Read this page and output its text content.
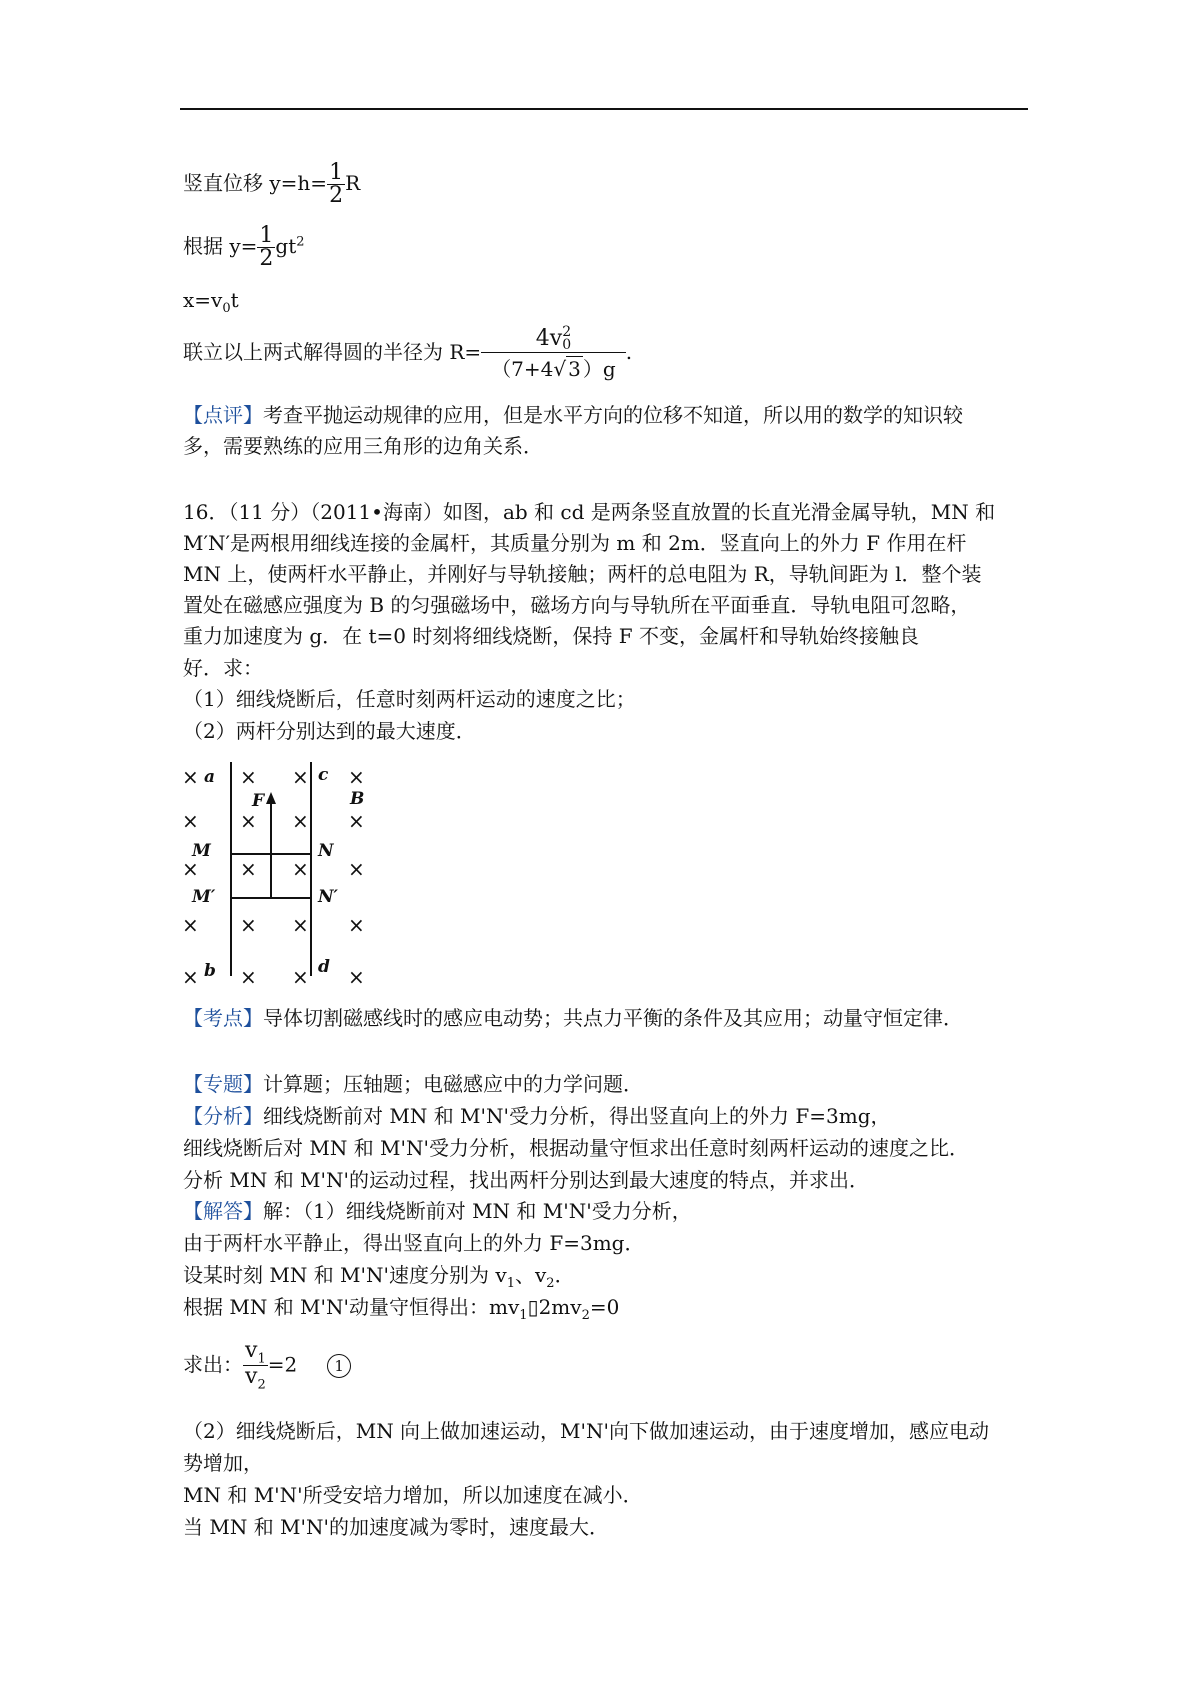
竖直位移 $y=h= \frac{1}{2}$ R
根据 $y= \frac{1}{2} gt^2$
$x=v_0t$
联立以上两式解得圆的半径为 R= 4v 2
0
（7+4√ 3 ）g .
【点评】考查平抛运动规律的应用，但是水平方向的位移不知道，所以用的数学的知识较
多，需要熟练的应用三角形的边角关系．
16．（11 分）（2011•海南）如图，ab 和 cd 是两条竖直放置的长直光滑金属导轨，MN 和
M′N′是两根用细线连接的金属杆，其质量分别为 m 和 2m．竖直向上的外力 F 作用在杆
MN 上，使两杆水平静止，并刚好与导轨接触；两杆的总电阻为 R，导轨间距为 l．整个装
置处在磁感应强度为 B 的匀强磁场中，磁场方向与导轨所在平面垂直．导轨电阻可忽略，
重力加速度为 g．在 t=0 时刻将细线烧断，保持 F 不变，金属杆和导轨始终接触良
好．求：
（1）细线烧断后，任意时刻两杆运动的速度之比；
（2）两杆分别达到的最大速度．
× × × ×
× × × ×
× × × ×
× × × ×
× × × ×
a
b
c
d
B
F
M	N
M′	N′
【考点】导体切割磁感线时的感应电动势；共点力平衡的条件及其应用；动量守恒定律．
【专题】计算题；压轴题；电磁感应中的力学问题．
【分析】细线烧断前对 MN 和 M'N'受力分析，得出竖直向上的外力 F=3mg，
细线烧断后对 MN 和 M'N'受力分析，根据动量守恒求出任意时刻两杆运动的速度之比．
分析 MN 和 M'N'的运动过程，找出两杆分别达到最大速度的特点，并求出．
【解答】解：（1）细线烧断前对 MN 和 M'N'受力分析，
由于两杆水平静止，得出竖直向上的外力 F=3mg．
设某时刻 MN 和 M'N'速度分别为 $v_1$、$v_2$．
根据 MN 和 M'N'动量守恒得出：$mv_1▯2mv_2=0$
求出： $\frac{v_1}{v_2} =2$ 1
（2）细线烧断后，MN 向上做加速运动，M'N'向下做加速运动，由于速度增加，感应电动
势增加，
MN 和 M'N'所受安培力增加，所以加速度在减小．
当 MN 和 M'N'的加速度减为零时，速度最大．
